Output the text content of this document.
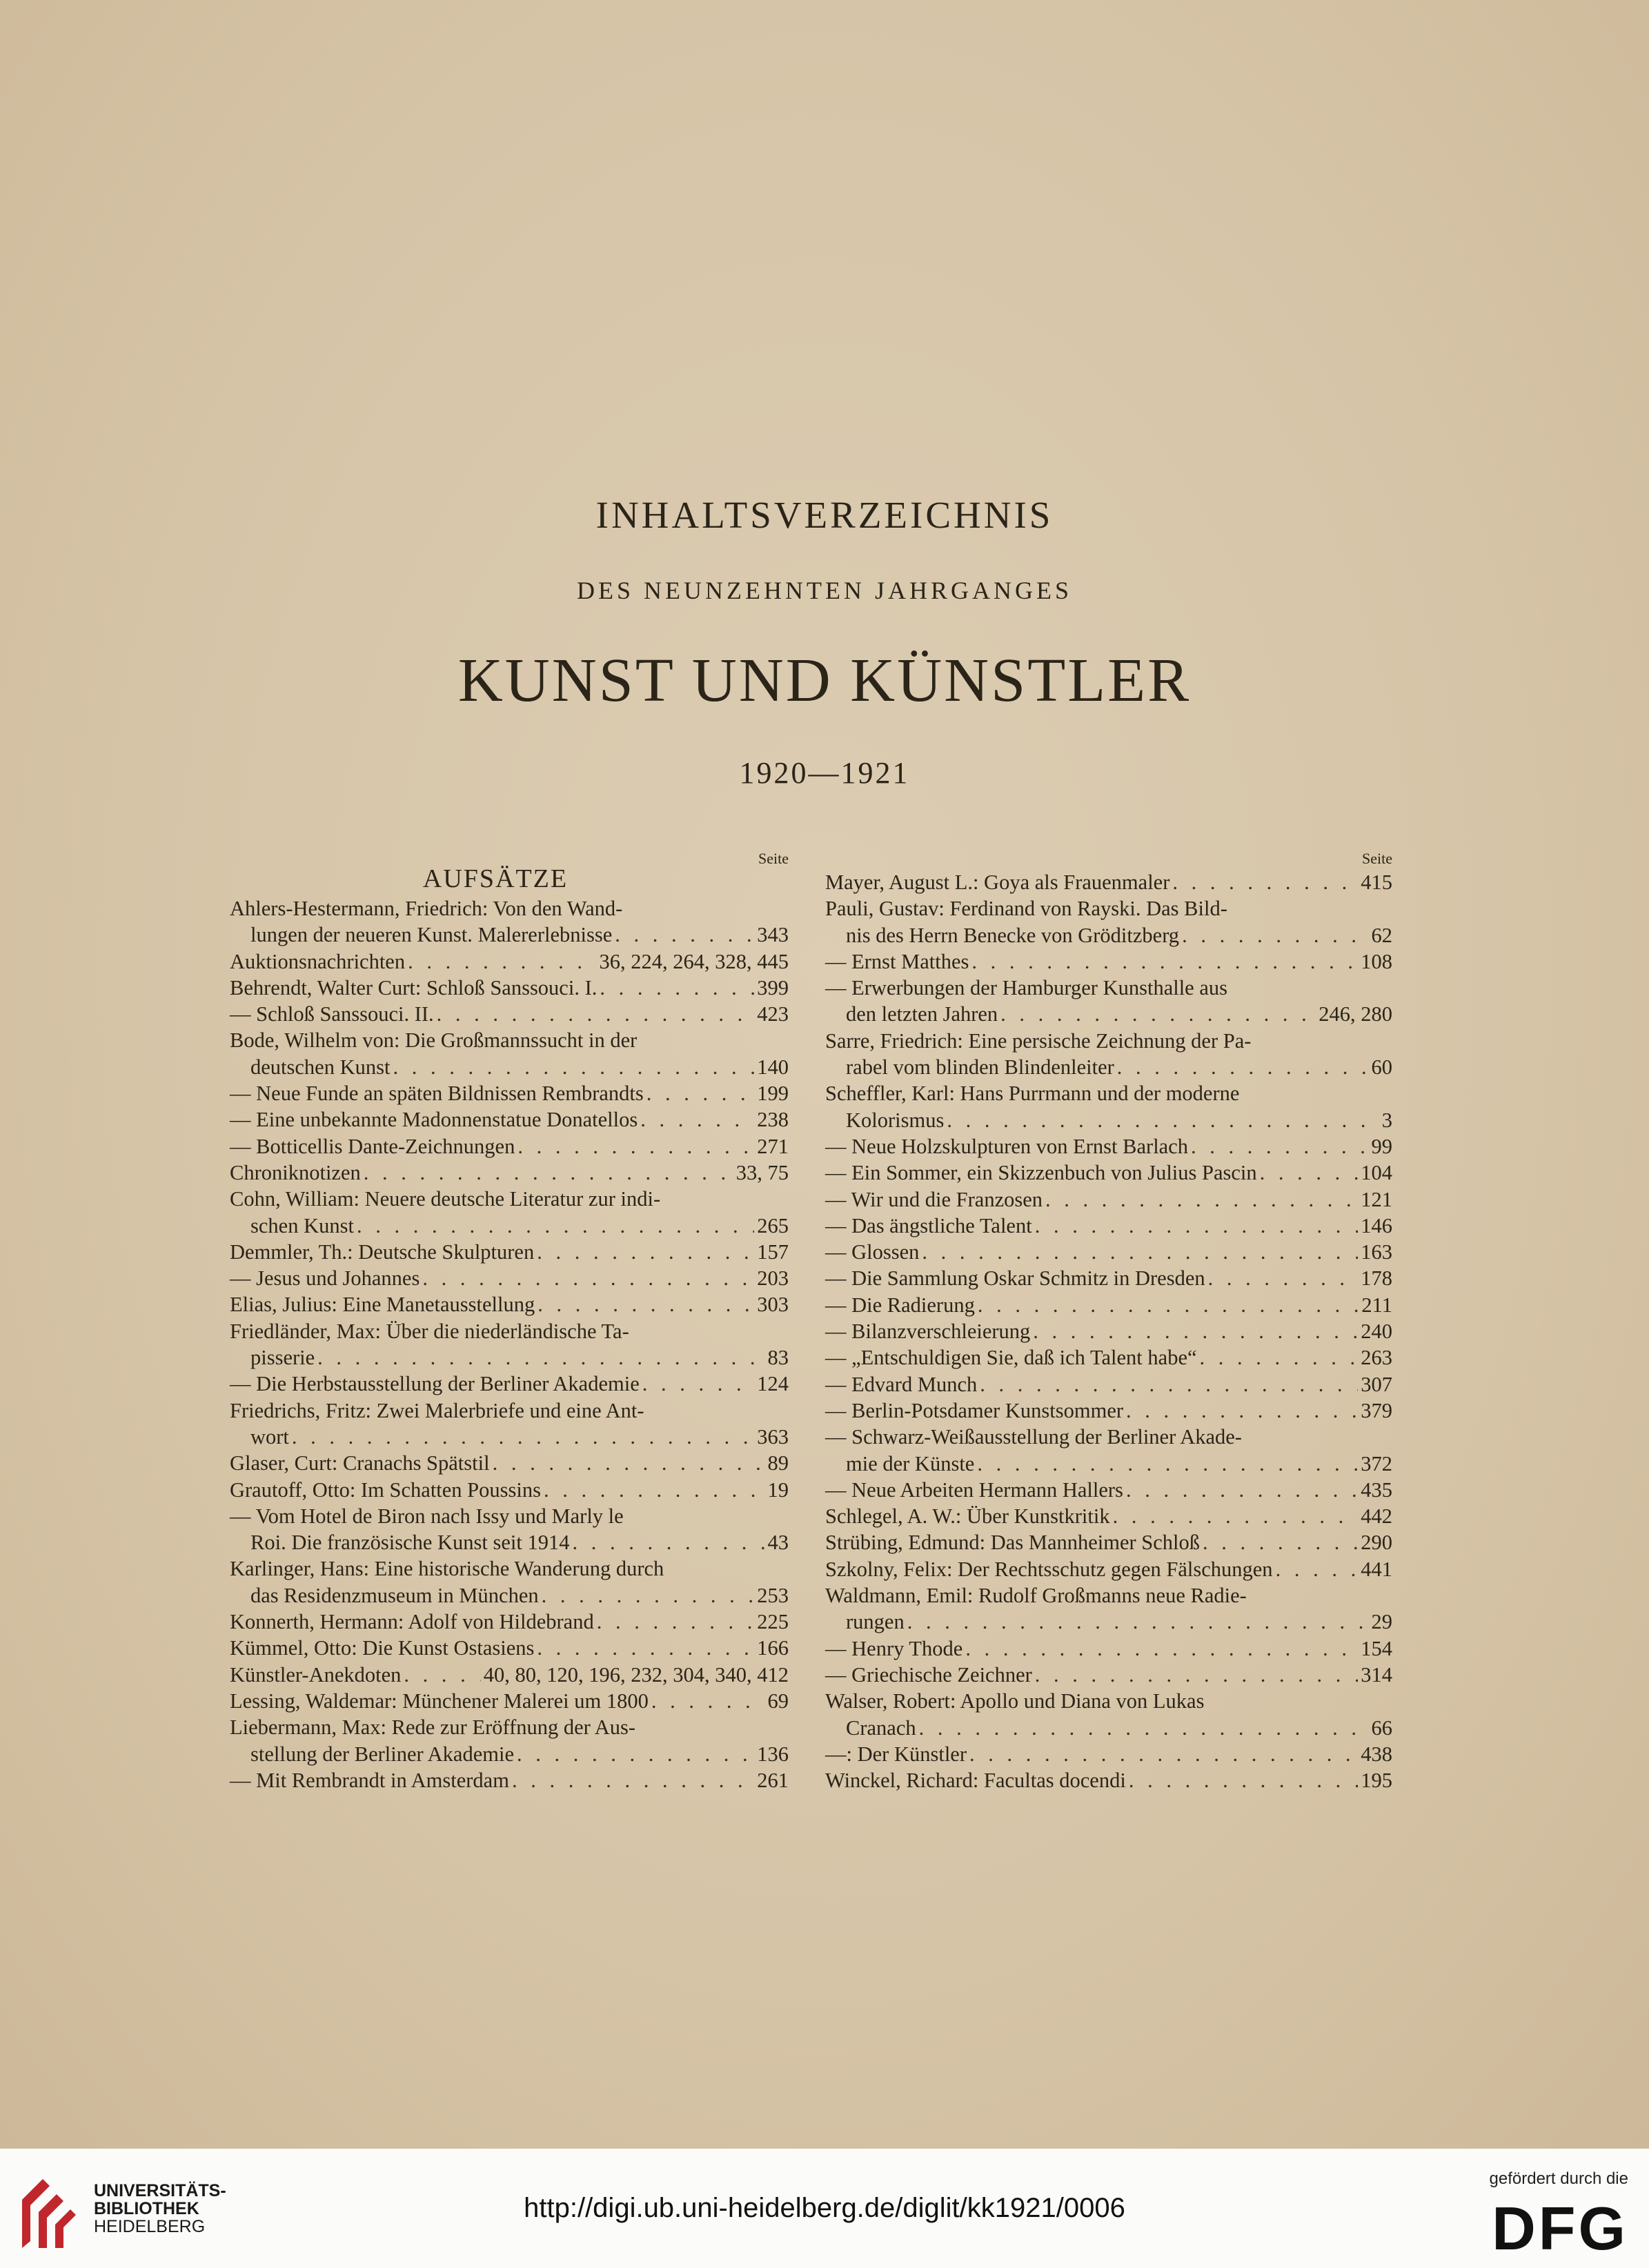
INHALTSVERZEICHNIS
DES NEUNZEHNTEN JAHRGANGES
KUNST UND KÜNSTLER
1920—1921
Seite
AUFSÄTZE
Ahlers-Hestermann, Friedrich: Von den Wand-
lungen der neueren Kunst. Malererlebnisse . . .	343
Auktionsnachrichten . . .	36, 224, 264, 328, 445
Behrendt, Walter Curt: Schloß Sanssouci. I. . . .	399
— Schloß Sanssouci. II. . . .	423
Bode, Wilhelm von: Die Großmannssucht in der
deutschen Kunst . . .	140
— Neue Funde an späten Bildnissen Rembrandts . . .	199
— Eine unbekannte Madonnenstatue Donatellos . . .	238
— Botticellis Dante-Zeichnungen . . .	271
Chroniknotizen . . .	33, 75
Cohn, William: Neuere deutsche Literatur zur indi-
schen Kunst . . .	265
Demmler, Th.: Deutsche Skulpturen . . .	157
— Jesus und Johannes . . .	203
Elias, Julius: Eine Manetausstellung . . .	303
Friedländer, Max: Über die niederländische Ta-
pisserie . . .	83
— Die Herbstausstellung der Berliner Akademie . . .	124
Friedrichs, Fritz: Zwei Malerbriefe und eine Ant-
wort . . .	363
Glaser, Curt: Cranachs Spätstil . . .	89
Grautoff, Otto: Im Schatten Poussins . . .	19
— Vom Hotel de Biron nach Issy und Marly le
Roi. Die französische Kunst seit 1914 . . .	43
Karlinger, Hans: Eine historische Wanderung durch
das Residenzmuseum in München . . .	253
Konnerth, Hermann: Adolf von Hildebrand . . .	225
Kümmel, Otto: Die Kunst Ostasiens . . .	166
Künstler-Anekdoten . . .	40, 80, 120, 196, 232, 304, 340, 412
Lessing, Waldemar: Münchener Malerei um 1800 . . .	69
Liebermann, Max: Rede zur Eröffnung der Aus-
stellung der Berliner Akademie . . .	136
— Mit Rembrandt in Amsterdam . . .	261
Seite
Mayer, August L.: Goya als Frauenmaler . . .	415
Pauli, Gustav: Ferdinand von Rayski. Das Bild-
nis des Herrn Benecke von Gröditzberg . . .	62
— Ernst Matthes . . .	108
— Erwerbungen der Hamburger Kunsthalle aus
den letzten Jahren . . .	246, 280
Sarre, Friedrich: Eine persische Zeichnung der Pa-
rabel vom blinden Blindenleiter . . .	60
Scheffler, Karl: Hans Purrmann und der moderne
Kolorismus . . .	3
— Neue Holzskulpturen von Ernst Barlach . . .	99
— Ein Sommer, ein Skizzenbuch von Julius Pascin . . .	104
— Wir und die Franzosen . . .	121
— Das ängstliche Talent . . .	146
— Glossen . . .	163
— Die Sammlung Oskar Schmitz in Dresden . . .	178
— Die Radierung . . .	211
— Bilanzverschleierung . . .	240
— „Entschuldigen Sie, daß ich Talent habe“ . . .	263
— Edvard Munch . . .	307
— Berlin-Potsdamer Kunstsommer . . .	379
— Schwarz-Weißausstellung der Berliner Akade-
mie der Künste . . .	372
— Neue Arbeiten Hermann Hallers . . .	435
Schlegel, A. W.: Über Kunstkritik . . .	442
Strübing, Edmund: Das Mannheimer Schloß . . .	290
Szkolny, Felix: Der Rechtsschutz gegen Fälschungen . . .	441
Waldmann, Emil: Rudolf Großmanns neue Radie-
rungen . . .	29
— Henry Thode . . .	154
— Griechische Zeichner . . .	314
Walser, Robert: Apollo und Diana von Lukas
Cranach . . .	66
—: Der Künstler . . .	438
Winckel, Richard: Facultas docendi . . .	195
UNIVERSITÄTS-
BIBLIOTHEK
HEIDELBERG
http://digi.ub.uni-heidelberg.de/diglit/kk1921/0006
gefördert durch die
DFG
